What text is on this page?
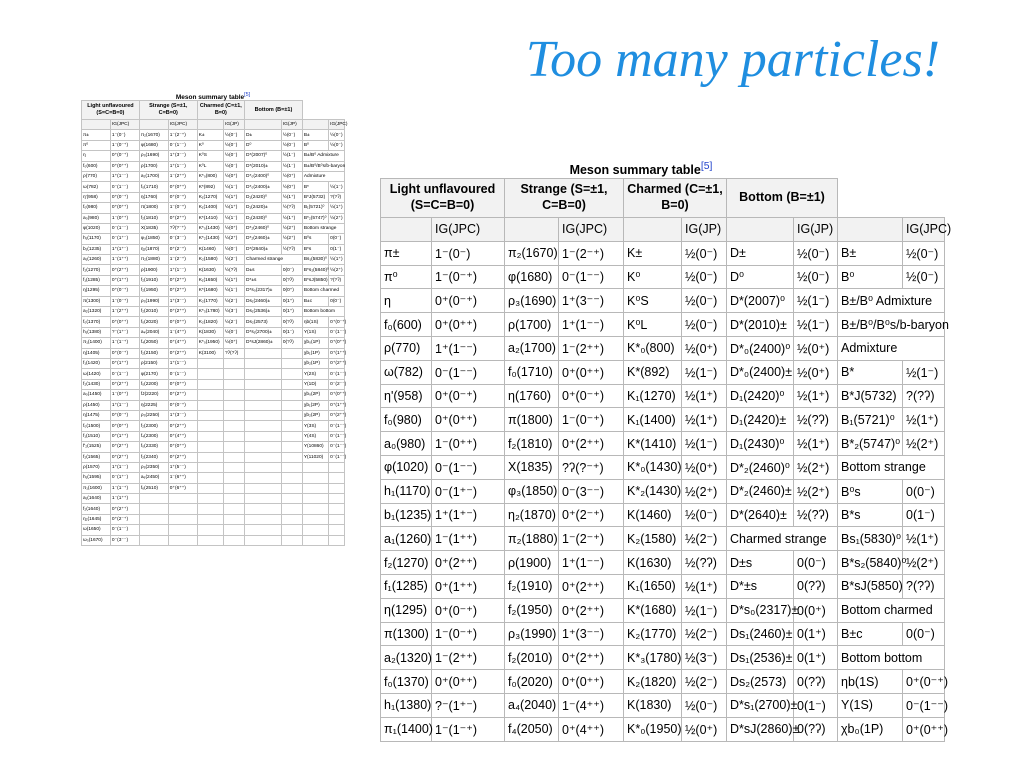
Too many particles!
Meson summary table[5]
Light unflavoured (S=C=B=0)		Strange (S=±1, C=B=0)		Charmed (C=±1, B=0)		Bottom (B=±1)			
	IG(JPC)		IG(JPC)		IG(JP)		IG(JP)		IG(JPC)
π±	1⁻(0⁻)	π₂(1670)	1⁻(2⁻⁺)	K±	½(0⁻)	D±	½(0⁻)	B±	½(0⁻)
π⁰	1⁻(0⁻⁺)	φ(1680)	0⁻(1⁻⁻)	K⁰	½(0⁻)	D⁰	½(0⁻)	B⁰	½(0⁻)
η	0⁺(0⁻⁺)	ρ₃(1690)	1⁺(3⁻⁻)	K⁰S	½(0⁻)	D*(2007)⁰	½(1⁻)	B±/B⁰ Admixture	
f₀(600)	0⁺(0⁺⁺)	ρ(1700)	1⁺(1⁻⁻)	K⁰L	½(0⁻)	D*(2010)±	½(1⁻)	B±/B⁰/B⁰s/b-baryon	
ρ(770)	1⁺(1⁻⁻)	a₂(1700)	1⁻(2⁺⁺)	K*₀(800)	½(0⁺)	D*₀(2400)⁰	½(0⁺)	Admixture	
ω(782)	0⁻(1⁻⁻)	f₀(1710)	0⁺(0⁺⁺)	K*(892)	½(1⁻)	D*₀(2400)±	½(0⁺)	B*	½(1⁻)
η'(958)	0⁺(0⁻⁺)	η(1760)	0⁺(0⁻⁺)	K₁(1270)	½(1⁺)	D₁(2420)⁰	½(1⁺)	B*J(5732)	?(?ʔ)
f₀(980)	0⁺(0⁺⁺)	π(1800)	1⁻(0⁻⁺)	K₁(1400)	½(1⁺)	D₁(2420)±	½(?ʔ)	B₁(5721)⁰	½(1⁺)
a₀(980)	1⁻(0⁺⁺)	f₂(1810)	0⁺(2⁺⁺)	K*(1410)	½(1⁻)	D₁(2430)⁰	½(1⁺)	B*₂(5747)⁰	½(2⁺)
φ(1020)	0⁻(1⁻⁻)	X(1835)	?ʔ(?⁻⁺)	K*₀(1430)	½(0⁺)	D*₂(2460)⁰	½(2⁺)	Bottom strange	
h₁(1170)	0⁻(1⁺⁻)	φ₃(1850)	0⁻(3⁻⁻)	K*₂(1430)	½(2⁺)	D*₂(2460)±	½(2⁺)	B⁰s	0(0⁻)
b₁(1235)	1⁺(1⁺⁻)	η₂(1870)	0⁺(2⁻⁺)	K(1460)	½(0⁻)	D*(2640)±	½(?ʔ)	B*s	0(1⁻)
a₁(1260)	1⁻(1⁺⁺)	π₂(1880)	1⁻(2⁻⁺)	K₂(1580)	½(2⁻)	Charmed strange		Bs₁(5830)⁰	½(1⁺)
f₂(1270)	0⁺(2⁺⁺)	ρ(1900)	1⁺(1⁻⁻)	K(1630)	½(?ʔ)	D±s	0(0⁻)	B*s₂(5840)⁰	½(2⁺)
f₁(1285)	0⁺(1⁺⁺)	f₂(1910)	0⁺(2⁺⁺)	K₁(1650)	½(1⁺)	D*±s	0(?ʔ)	B*sJ(5850)	?(?ʔ)
η(1295)	0⁺(0⁻⁺)	f₂(1950)	0⁺(2⁺⁺)	K*(1680)	½(1⁻)	D*s₀(2317)±	0(0⁺)	Bottom charmed	
π(1300)	1⁻(0⁻⁺)	ρ₃(1990)	1⁺(3⁻⁻)	K₂(1770)	½(2⁻)	Ds₁(2460)±	0(1⁺)	B±c	0(0⁻)
a₂(1320)	1⁻(2⁺⁺)	f₂(2010)	0⁺(2⁺⁺)	K*₃(1780)	½(3⁻)	Ds₁(2536)±	0(1⁺)	Bottom bottom	
f₀(1370)	0⁺(0⁺⁺)	f₀(2020)	0⁺(0⁺⁺)	K₂(1820)	½(2⁻)	Ds₂(2573)	0(?ʔ)	ηb(1S)	0⁺(0⁻⁺)
h₁(1380)	?⁻(1⁺⁻)	a₄(2040)	1⁻(4⁺⁺)	K(1830)	½(0⁻)	D*s₁(2700)±	0(1⁻)	Υ(1S)	0⁻(1⁻⁻)
π₁(1400)	1⁻(1⁻⁺)	f₄(2050)	0⁺(4⁺⁺)	K*₀(1950)	½(0⁺)	D*sJ(2860)±	0(?ʔ)	χb₀(1P)	0⁺(0⁺⁺)
η(1405)	0⁺(0⁻⁺)	f₂(2150)	0⁺(2⁺⁺)	K(3100)	?ʔ(?ʔ)			χb₁(1P)	0⁺(1⁺⁺)
f₁(1420)	0⁺(1⁺⁺)	ρ(2150)	1⁺(1⁻⁻)					χb₂(1P)	0⁺(2⁺⁺)
ω(1420)	0⁻(1⁻⁻)	φ(2170)	0⁻(1⁻⁻)					Υ(2S)	0⁻(1⁻⁻)
f₂(1430)	0⁺(2⁺⁺)	f₀(2200)	0⁺(0⁺⁺)					Υ(1D)	0⁻(2⁻⁻)
a₀(1450)	1⁻(0⁺⁺)	fJ(2220)	0⁺(2⁺⁺)					χb₀(2P)	0⁺(0⁺⁺)
ρ(1450)	1⁺(1⁻⁻)	η(2225)	0⁺(0⁻⁺)					χb₁(2P)	0⁺(1⁺⁺)
η(1475)	0⁺(0⁻⁺)	ρ₃(2250)	1⁺(3⁻⁻)					χb₂(2P)	0⁺(2⁺⁺)
f₀(1500)	0⁺(0⁺⁺)	f₂(2300)	0⁺(2⁺⁺)					Υ(3S)	0⁻(1⁻⁻)
f₁(1510)	0⁺(1⁺⁺)	f₄(2300)	0⁺(4⁺⁺)					Υ(4S)	0⁻(1⁻⁻)
f'₂(1525)	0⁺(2⁺⁺)	f₀(2330)	0⁺(0⁺⁺)					Υ(10860)	0⁻(1⁻⁻)
f₂(1565)	0⁺(2⁺⁺)	f₂(2340)	0⁺(2⁺⁺)					Υ(11020)	0⁻(1⁻⁻)
ρ(1570)	1⁺(1⁻⁻)	ρ₅(2350)	1⁺(5⁻⁻)						
h₁(1595)	0⁻(1⁺⁻)	a₆(2450)	1⁻(6⁺⁺)						
π₁(1600)	1⁻(1⁻⁺)	f₆(2510)	0⁺(6⁺⁺)						
a₁(1640)	1⁻(1⁺⁺)								
f₂(1640)	0⁺(2⁺⁺)								
η₂(1645)	0⁺(2⁻⁺)								
ω(1650)	0⁻(1⁻⁻)								
ω₃(1670)	0⁻(3⁻⁻)								
Meson summary table[5]
Light unflavoured (S=C=B=0)		Strange (S=±1, C=B=0)		Charmed (C=±1, B=0)		Bottom (B=±1)			
	IG(JPC)		IG(JPC)		IG(JP)		IG(JP)		IG(JPC)
π±	1⁻(0⁻)	π₂(1670)	1⁻(2⁻⁺)	K±	½(0⁻)	D±	½(0⁻)	B±	½(0⁻)
π⁰	1⁻(0⁻⁺)	φ(1680)	0⁻(1⁻⁻)	K⁰	½(0⁻)	D⁰	½(0⁻)	B⁰	½(0⁻)
η	0⁺(0⁻⁺)	ρ₃(1690)	1⁺(3⁻⁻)	K⁰S	½(0⁻)	D*(2007)⁰	½(1⁻)	B±/B⁰ Admixture	
f₀(600)	0⁺(0⁺⁺)	ρ(1700)	1⁺(1⁻⁻)	K⁰L	½(0⁻)	D*(2010)±	½(1⁻)	B±/B⁰/B⁰s/b-baryon	
ρ(770)	1⁺(1⁻⁻)	a₂(1700)	1⁻(2⁺⁺)	K*₀(800)	½(0⁺)	D*₀(2400)⁰	½(0⁺)	Admixture	
ω(782)	0⁻(1⁻⁻)	f₀(1710)	0⁺(0⁺⁺)	K*(892)	½(1⁻)	D*₀(2400)±	½(0⁺)	B*	½(1⁻)
η'(958)	0⁺(0⁻⁺)	η(1760)	0⁺(0⁻⁺)	K₁(1270)	½(1⁺)	D₁(2420)⁰	½(1⁺)	B*J(5732)	?(?ʔ)
f₀(980)	0⁺(0⁺⁺)	π(1800)	1⁻(0⁻⁺)	K₁(1400)	½(1⁺)	D₁(2420)±	½(?ʔ)	B₁(5721)⁰	½(1⁺)
a₀(980)	1⁻(0⁺⁺)	f₂(1810)	0⁺(2⁺⁺)	K*(1410)	½(1⁻)	D₁(2430)⁰	½(1⁺)	B*₂(5747)⁰	½(2⁺)
φ(1020)	0⁻(1⁻⁻)	X(1835)	?ʔ(?⁻⁺)	K*₀(1430)	½(0⁺)	D*₂(2460)⁰	½(2⁺)	Bottom strange	
h₁(1170)	0⁻(1⁺⁻)	φ₃(1850)	0⁻(3⁻⁻)	K*₂(1430)	½(2⁺)	D*₂(2460)±	½(2⁺)	B⁰s	0(0⁻)
b₁(1235)	1⁺(1⁺⁻)	η₂(1870)	0⁺(2⁻⁺)	K(1460)	½(0⁻)	D*(2640)±	½(?ʔ)	B*s	0(1⁻)
a₁(1260)	1⁻(1⁺⁺)	π₂(1880)	1⁻(2⁻⁺)	K₂(1580)	½(2⁻)	Charmed strange		Bs₁(5830)⁰	½(1⁺)
f₂(1270)	0⁺(2⁺⁺)	ρ(1900)	1⁺(1⁻⁻)	K(1630)	½(?ʔ)	D±s	0(0⁻)	B*s₂(5840)⁰	½(2⁺)
f₁(1285)	0⁺(1⁺⁺)	f₂(1910)	0⁺(2⁺⁺)	K₁(1650)	½(1⁺)	D*±s	0(?ʔ)	B*sJ(5850)	?(?ʔ)
η(1295)	0⁺(0⁻⁺)	f₂(1950)	0⁺(2⁺⁺)	K*(1680)	½(1⁻)	D*s₀(2317)±	0(0⁺)	Bottom charmed	
π(1300)	1⁻(0⁻⁺)	ρ₃(1990)	1⁺(3⁻⁻)	K₂(1770)	½(2⁻)	Ds₁(2460)±	0(1⁺)	B±c	0(0⁻)
a₂(1320)	1⁻(2⁺⁺)	f₂(2010)	0⁺(2⁺⁺)	K*₃(1780)	½(3⁻)	Ds₁(2536)±	0(1⁺)	Bottom bottom	
f₀(1370)	0⁺(0⁺⁺)	f₀(2020)	0⁺(0⁺⁺)	K₂(1820)	½(2⁻)	Ds₂(2573)	0(?ʔ)	ηb(1S)	0⁺(0⁻⁺)
h₁(1380)	?⁻(1⁺⁻)	a₄(2040)	1⁻(4⁺⁺)	K(1830)	½(0⁻)	D*s₁(2700)±	0(1⁻)	Υ(1S)	0⁻(1⁻⁻)
π₁(1400)	1⁻(1⁻⁺)	f₄(2050)	0⁺(4⁺⁺)	K*₀(1950)	½(0⁺)	D*sJ(2860)±	0(?ʔ)	χb₀(1P)	0⁺(0⁺⁺)
